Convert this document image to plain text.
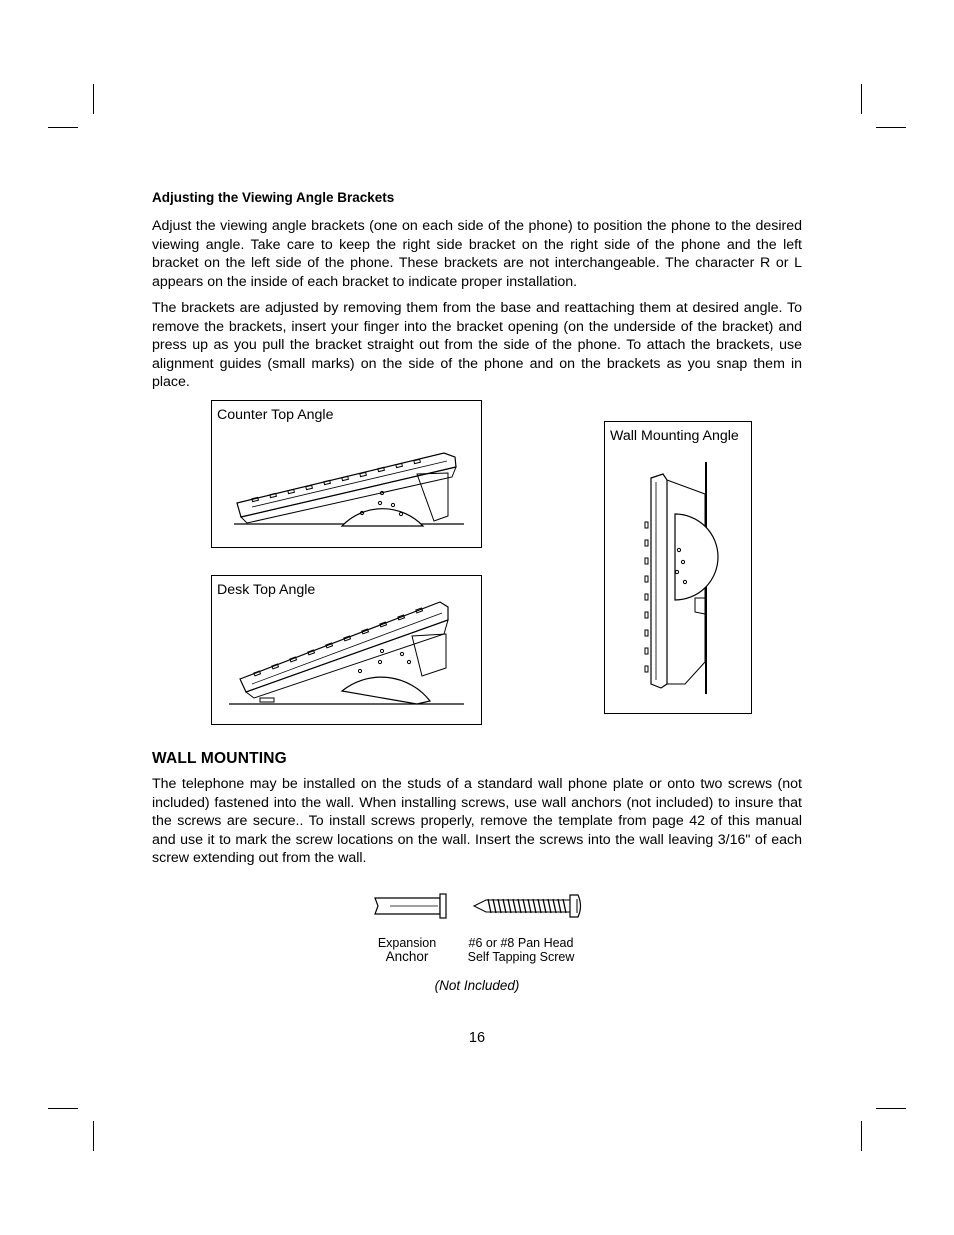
Adjusting the Viewing Angle Brackets

Adjust the viewing angle brackets (one on each side of the phone) to position the phone to the desired viewing angle. Take care to keep the right side bracket on the right side of the phone and the left bracket on the left side of the phone. These brackets are not interchangeable. The character R or L appears on the inside of each bracket to indicate proper installation.

The brackets are adjusted by removing them from the base and reattaching them at desired angle. To remove the brackets, insert your finger into the bracket opening (on the underside of the bracket) and press up as you pull the bracket straight out from the side of the phone. To attach the brackets, use alignment guides (small marks) on the side of the phone and on the brackets as you snap them in place.

Counter Top Angle
Desk Top Angle
Wall Mounting Angle
WALL MOUNTING

The telephone may be installed on the studs of a standard wall phone plate or onto two screws (not included) fastened into the wall. When installing screws, use wall anchors (not included) to insure that the screws are secure.. To install screws properly, remove the template from page 42 of this manual and use it to mark the screw locations on the wall. Insert the screws into the wall leaving 3/16" of each screw extending out from the wall.

Expansion
Anchor
#6 or #8 Pan Head
Self Tapping Screw
(Not Included)
16
